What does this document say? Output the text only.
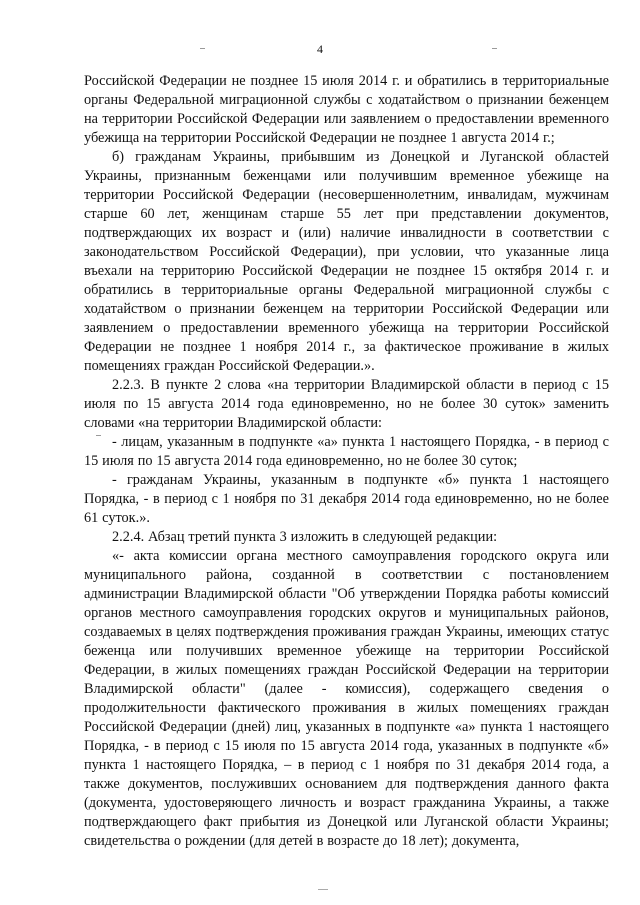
4

Российской Федерации не позднее 15 июля 2014 г. и обратились в территориальные органы Федеральной миграционной службы с ходатайством о признании беженцем на территории Российской Федерации или заявлением о предоставлении временного убежища на территории Российской Федерации не позднее 1 августа 2014 г.;

б) гражданам Украины, прибывшим из Донецкой и Луганской областей Украины, признанным беженцами или получившим временное убежище на территории Российской Федерации (несовершеннолетним, инвалидам, мужчинам старше 60 лет, женщинам старше 55 лет при представлении документов, подтверждающих их возраст и (или) наличие инвалидности в соответствии с законодательством Российской Федерации), при условии, что указанные лица въехали на территорию Российской Федерации не позднее 15 октября 2014 г. и обратились в территориальные органы Федеральной миграционной службы с ходатайством о признании беженцем на территории Российской Федерации или заявлением о предоставлении временного убежища на территории Российской Федерации не позднее 1 ноября 2014 г., за фактическое проживание в жилых помещениях граждан Российской Федерации.».

2.2.3. В пункте 2 слова «на территории Владимирской области в период с 15 июля по 15 августа 2014 года единовременно, но не более 30 суток» заменить словами «на территории Владимирской области:

- лицам, указанным в подпункте «а» пункта 1 настоящего Порядка, - в период с 15 июля по 15 августа 2014 года единовременно, но не более 30 суток;

- гражданам Украины, указанным в подпункте «б» пункта 1 настоящего Порядка, - в период с 1 ноября по 31 декабря 2014 года единовременно, но не более 61 суток.».

2.2.4. Абзац третий пункта 3 изложить в следующей редакции:

«- акта комиссии органа местного самоуправления городского округа или муниципального района, созданной в соответствии с постановлением администрации Владимирской области "Об утверждении Порядка работы комиссий органов местного самоуправления городских округов и муниципальных районов, создаваемых в целях подтверждения проживания граждан Украины, имеющих статус беженца или получивших временное убежище на территории Российской Федерации, в жилых помещениях граждан Российской Федерации на территории Владимирской области" (далее - комиссия), содержащего сведения о продолжительности фактического проживания в жилых помещениях граждан Российской Федерации (дней) лиц, указанных в подпункте «а» пункта 1 настоящего Порядка, - в период с 15 июля по 15 августа 2014 года, указанных в подпункте «б» пункта 1 настоящего Порядка, – в период с 1 ноября по 31 декабря 2014 года, а также документов, послуживших основанием для подтверждения данного факта (документа, удостоверяющего личность и возраст гражданина Украины, а также подтверждающего факт прибытия из Донецкой или Луганской области Украины; свидетельства о рождении (для детей в возрасте до 18 лет); документа,
